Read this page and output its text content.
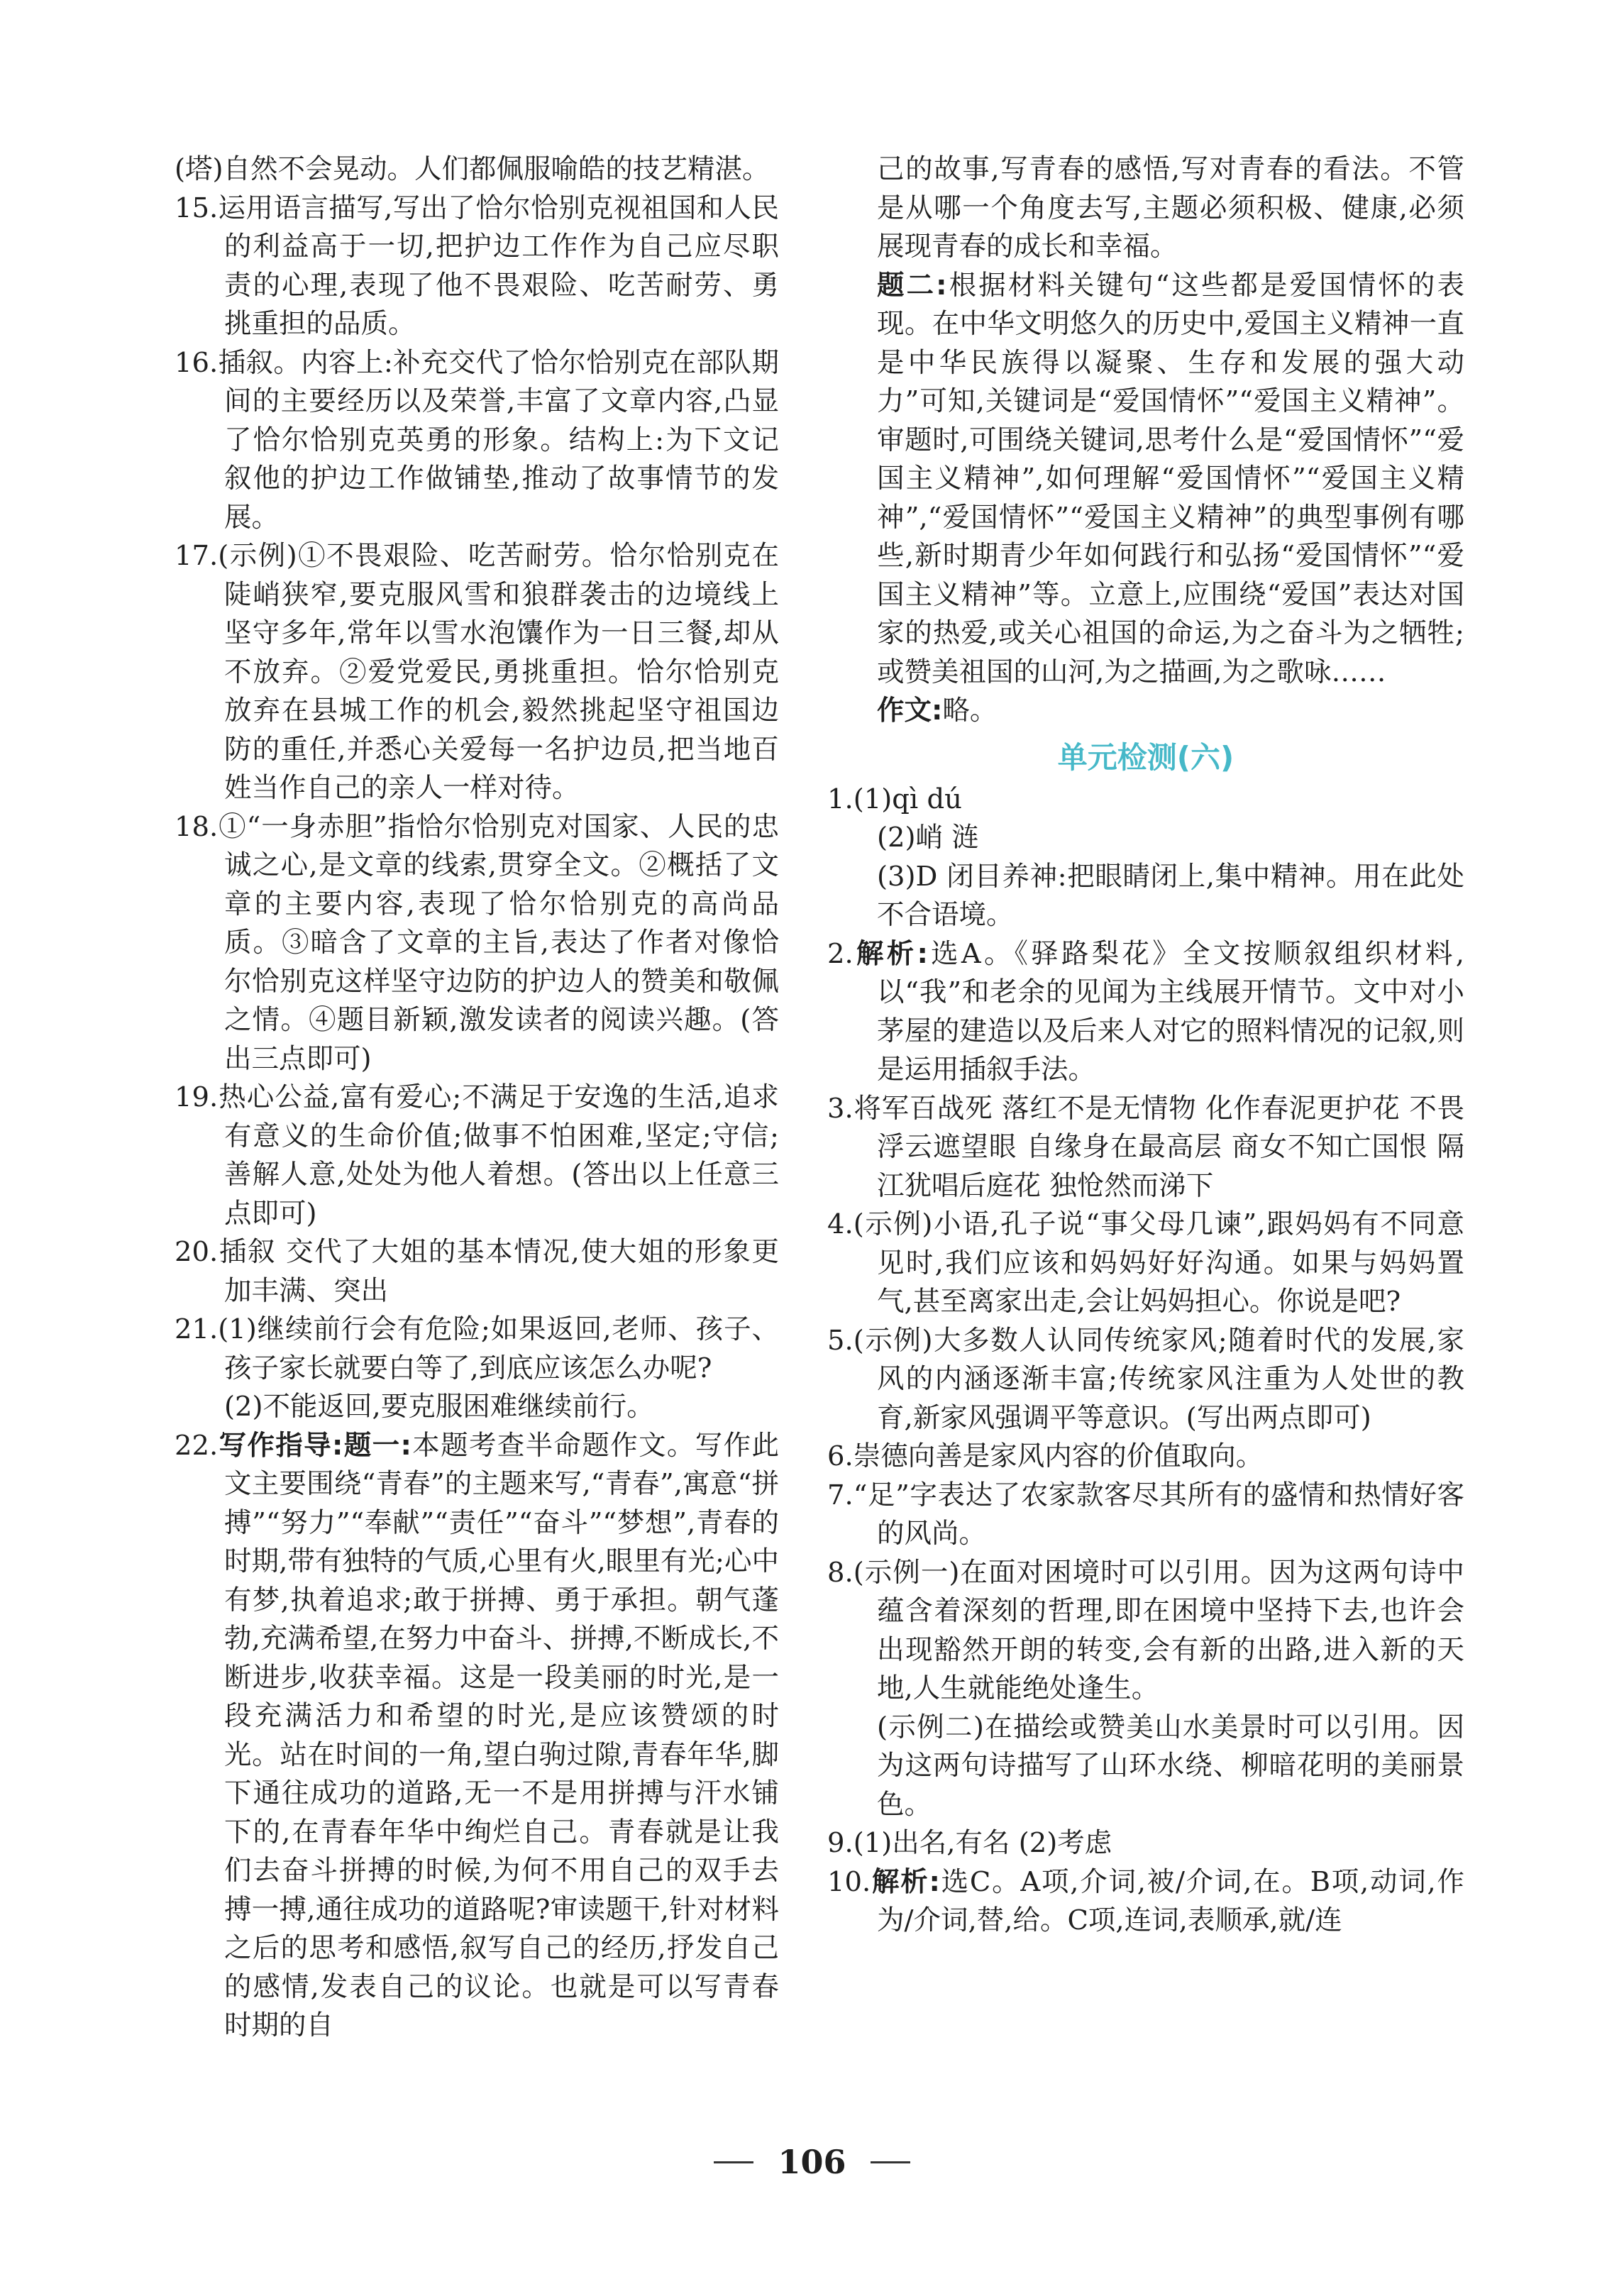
(塔)自然不会晃动。人们都佩服喻皓的技艺精湛。
15.运用语言描写,写出了恰尔恰别克视祖国和人民的利益高于一切,把护边工作作为自己应尽职责的心理,表现了他不畏艰险、吃苦耐劳、勇挑重担的品质。
16.插叙。内容上:补充交代了恰尔恰别克在部队期间的主要经历以及荣誉,丰富了文章内容,凸显了恰尔恰别克英勇的形象。结构上:为下文记叙他的护边工作做铺垫,推动了故事情节的发展。
17.(示例)①不畏艰险、吃苦耐劳。恰尔恰别克在陡峭狭窄,要克服风雪和狼群袭击的边境线上坚守多年,常年以雪水泡馕作为一日三餐,却从不放弃。②爱党爱民,勇挑重担。恰尔恰别克放弃在县城工作的机会,毅然挑起坚守祖国边防的重任,并悉心关爱每一名护边员,把当地百姓当作自己的亲人一样对待。
18.①“一身赤胆”指恰尔恰别克对国家、人民的忠诚之心,是文章的线索,贯穿全文。②概括了文章的主要内容,表现了恰尔恰别克的高尚品质。③暗含了文章的主旨,表达了作者对像恰尔恰别克这样坚守边防的护边人的赞美和敬佩之情。④题目新颖,激发读者的阅读兴趣。(答出三点即可)
19.热心公益,富有爱心;不满足于安逸的生活,追求有意义的生命价值;做事不怕困难,坚定;守信;善解人意,处处为他人着想。(答出以上任意三点即可)
20.插叙 交代了大姐的基本情况,使大姐的形象更加丰满、突出
21.(1)继续前行会有危险;如果返回,老师、孩子、孩子家长就要白等了,到底应该怎么办呢?
(2)不能返回,要克服困难继续前行。
22.写作指导:题一:本题考查半命题作文。写作此文主要围绕“青春”的主题来写,“青春”,寓意“拼搏”“努力”“奉献”“责任”“奋斗”“梦想”,青春的时期,带有独特的气质,心里有火,眼里有光;心中有梦,执着追求;敢于拼搏、勇于承担。朝气蓬勃,充满希望,在努力中奋斗、拼搏,不断成长,不断进步,收获幸福。这是一段美丽的时光,是一段充满活力和希望的时光,是应该赞颂的时光。站在时间的一角,望白驹过隙,青春年华,脚下通往成功的道路,无一不是用拼搏与汗水铺下的,在青春年华中绚烂自己。青春就是让我们去奋斗拼搏的时候,为何不用自己的双手去搏一搏,通往成功的道路呢?审读题干,针对材料之后的思考和感悟,叙写自己的经历,抒发自己的感情,发表自己的议论。也就是可以写青春时期的自
己的故事,写青春的感悟,写对青春的看法。不管是从哪一个角度去写,主题必须积极、健康,必须展现青春的成长和幸福。
题二:根据材料关键句“这些都是爱国情怀的表现。在中华文明悠久的历史中,爱国主义精神一直是中华民族得以凝聚、生存和发展的强大动力”可知,关键词是“爱国情怀”“爱国主义精神”。审题时,可围绕关键词,思考什么是“爱国情怀”“爱国主义精神”,如何理解“爱国情怀”“爱国主义精神”,“爱国情怀”“爱国主义精神”的典型事例有哪些,新时期青少年如何践行和弘扬“爱国情怀”“爱国主义精神”等。立意上,应围绕“爱国”表达对国家的热爱,或关心祖国的命运,为之奋斗为之牺牲;或赞美祖国的山河,为之描画,为之歌咏……
作文:略。
单元检测(六)
1.(1)qì dú
(2)峭 涟
(3)D 闭目养神:把眼睛闭上,集中精神。用在此处不合语境。
2.解析:选A。《驿路梨花》全文按顺叙组织材料,以“我”和老余的见闻为主线展开情节。文中对小茅屋的建造以及后来人对它的照料情况的记叙,则是运用插叙手法。
3.将军百战死 落红不是无情物 化作春泥更护花 不畏浮云遮望眼 自缘身在最高层 商女不知亡国恨 隔江犹唱后庭花 独怆然而涕下
4.(示例)小语,孔子说“事父母几谏”,跟妈妈有不同意见时,我们应该和妈妈好好沟通。如果与妈妈置气,甚至离家出走,会让妈妈担心。你说是吧?
5.(示例)大多数人认同传统家风;随着时代的发展,家风的内涵逐渐丰富;传统家风注重为人处世的教育,新家风强调平等意识。(写出两点即可)
6.崇德向善是家风内容的价值取向。
7.“足”字表达了农家款客尽其所有的盛情和热情好客的风尚。
8.(示例一)在面对困境时可以引用。因为这两句诗中蕴含着深刻的哲理,即在困境中坚持下去,也许会出现豁然开朗的转变,会有新的出路,进入新的天地,人生就能绝处逢生。
(示例二)在描绘或赞美山水美景时可以引用。因为这两句诗描写了山环水绕、柳暗花明的美丽景色。
9.(1)出名,有名 (2)考虑
10.解析:选C。A项,介词,被/介词,在。B项,动词,作为/介词,替,给。C项,连词,表顺承,就/连
106
